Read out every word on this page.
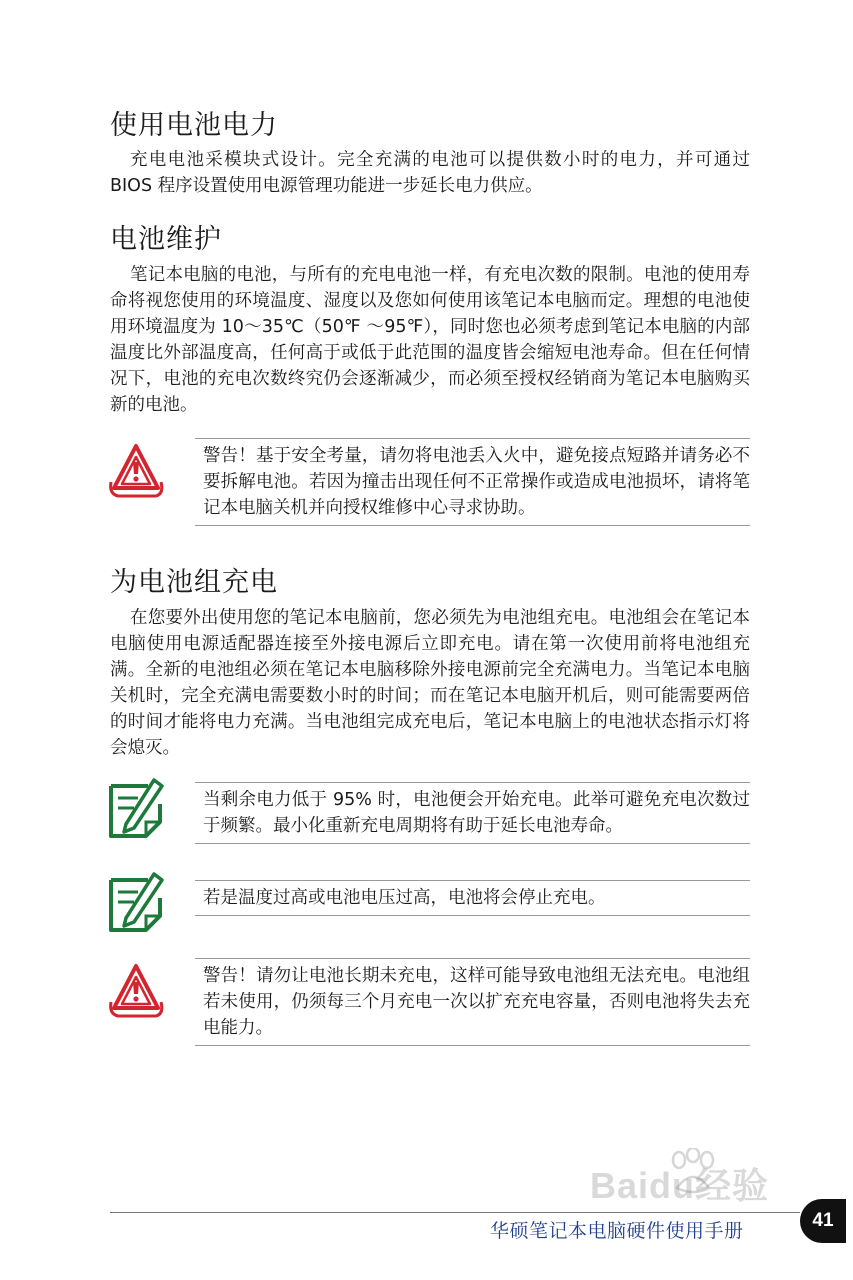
使用电池电力

充电电池采模块式设计。完全充满的电池可以提供数小时的电力，并可通过 BIOS 程序设置使用电源管理功能进一步延长电力供应。

电池维护

笔记本电脑的电池，与所有的充电电池一样，有充电次数的限制。电池的使用寿命将视您使用的环境温度、湿度以及您如何使用该笔记本电脑而定。理想的电池使用环境温度为 10～35℃（50℉ ～95℉），同时您也必须考虑到笔记本电脑的内部温度比外部温度高，任何高于或低于此范围的温度皆会缩短电池寿命。但在任何情况下，电池的充电次数终究仍会逐渐减少，而必须至授权经销商为笔记本电脑购买新的电池。

警告！基于安全考量，请勿将电池丢入火中，避免接点短路并请务必不要拆解电池。若因为撞击出现任何不正常操作或造成电池损坏，请将笔记本电脑关机并向授权维修中心寻求协助。
为电池组充电

在您要外出使用您的笔记本电脑前，您必须先为电池组充电。电池组会在笔记本电脑使用电源适配器连接至外接电源后立即充电。请在第一次使用前将电池组充满。全新的电池组必须在笔记本电脑移除外接电源前完全充满电力。当笔记本电脑关机时，完全充满电需要数小时的时间；而在笔记本电脑开机后，则可能需要两倍的时间才能将电力充满。当电池组完成充电后，笔记本电脑上的电池状态指示灯将会熄灭。

当剩余电力低于 95% 时，电池便会开始充电。此举可避免充电次数过于频繁。最小化重新充电周期将有助于延长电池寿命。
若是温度过高或电池电压过高，电池将会停止充电。
警告！请勿让电池长期未充电，这样可能导致电池组无法充电。电池组若未使用，仍须每三个月充电一次以扩充充电容量，否则电池将失去充电能力。
Baidu经验
华硕笔记本电脑硬件使用手册	41
